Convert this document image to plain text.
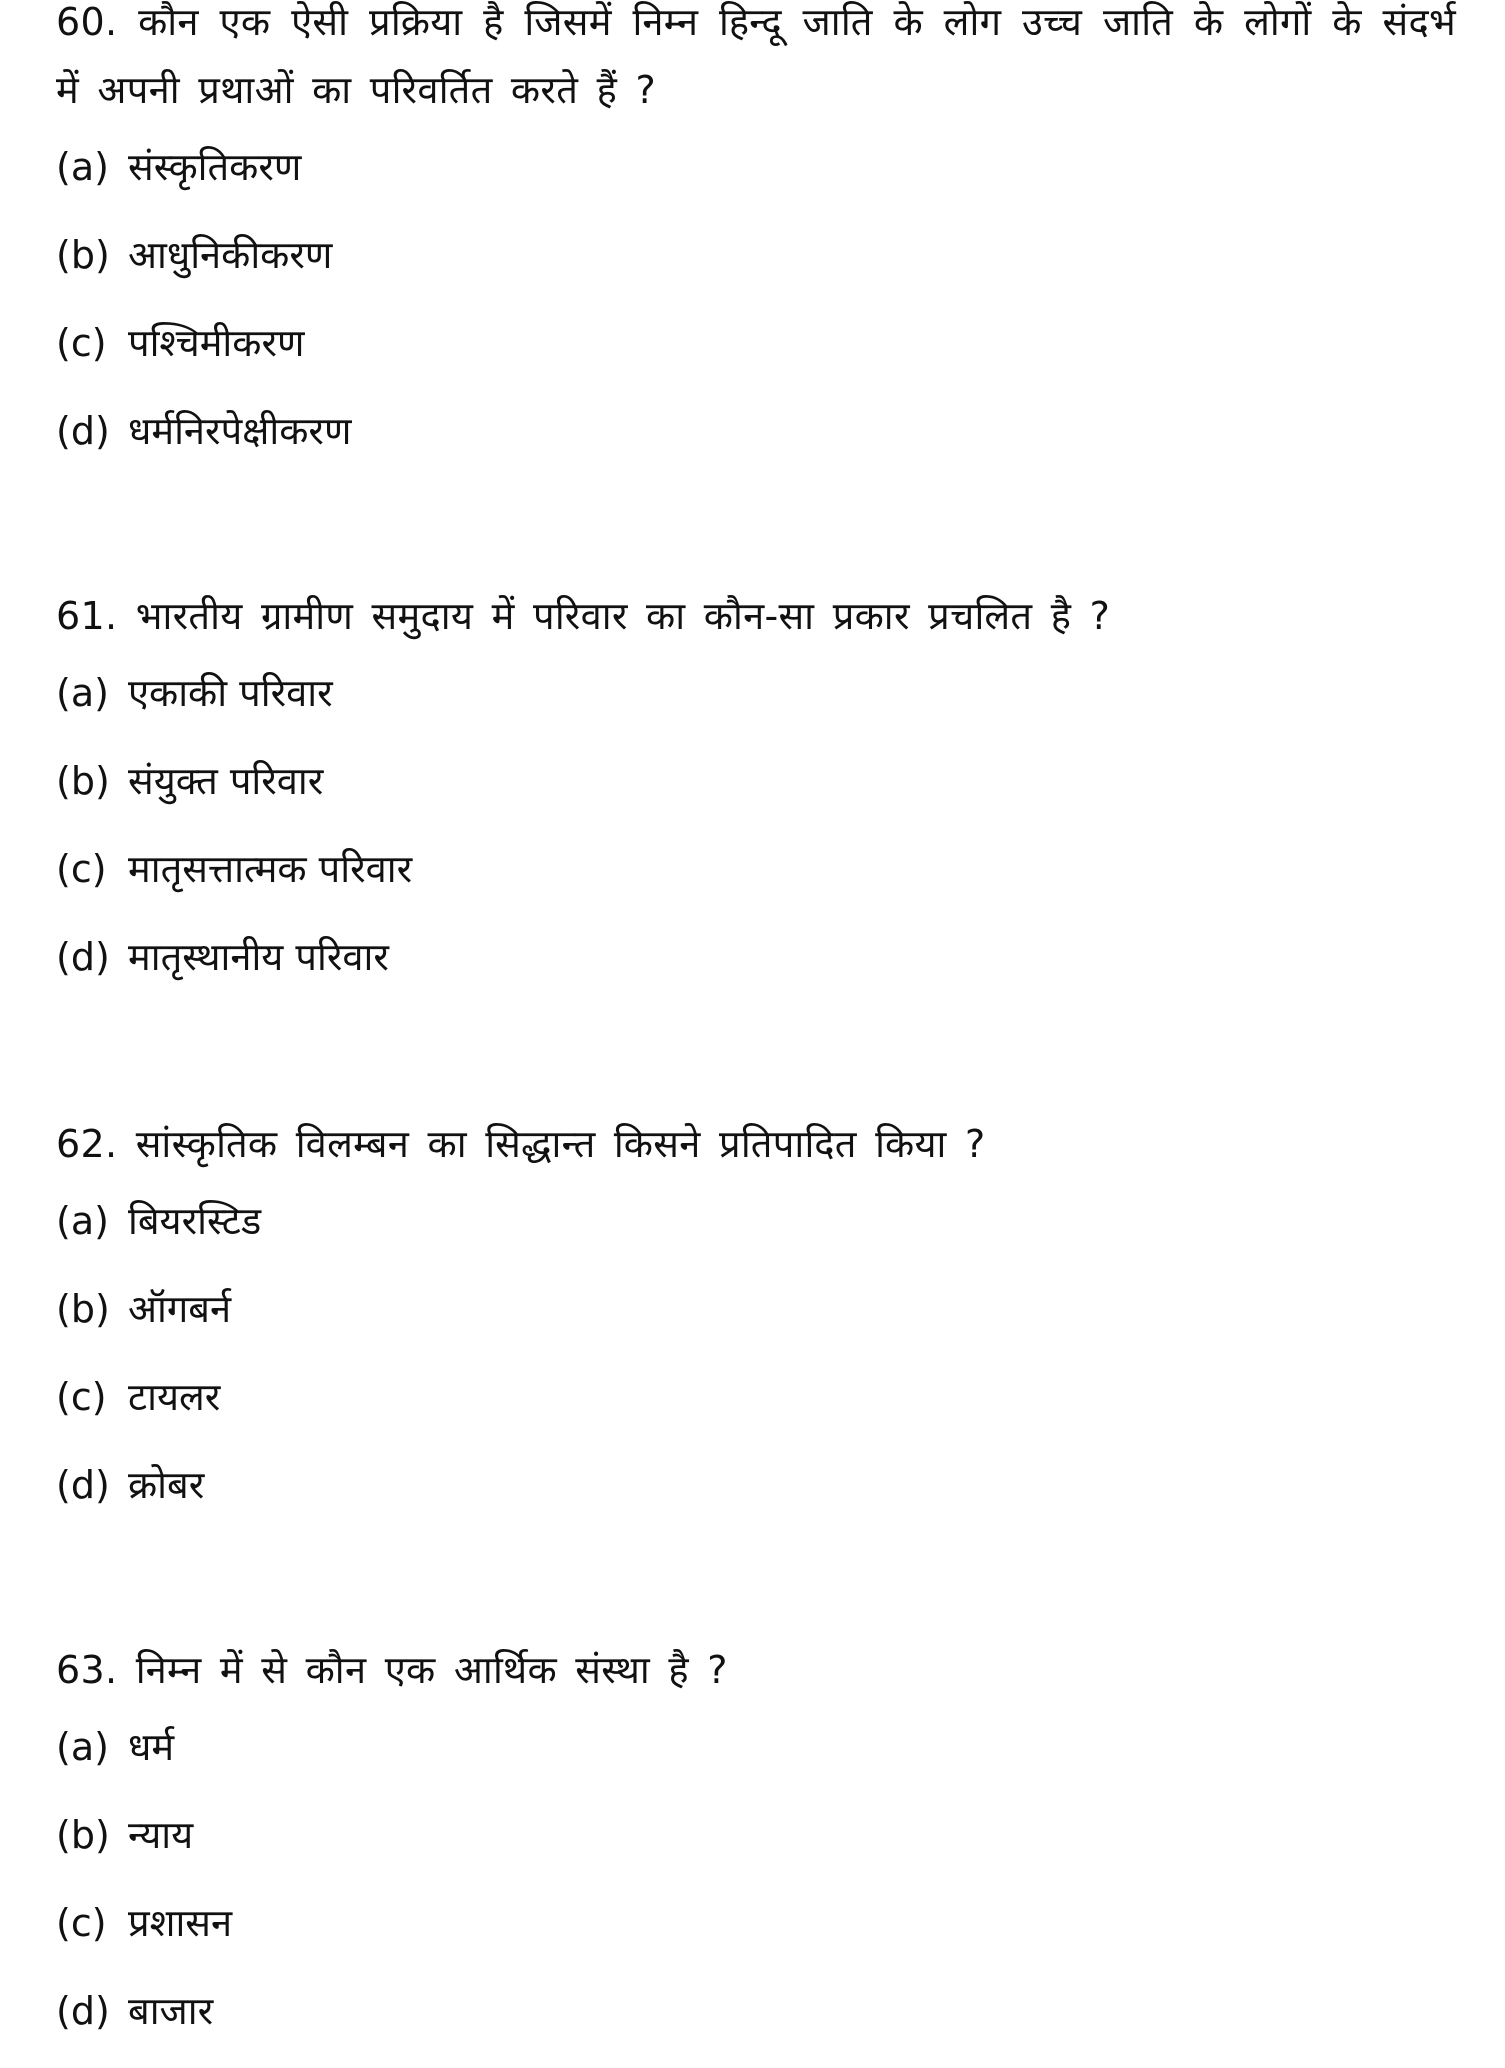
60. कौन एक ऐसी प्रक्रिया है जिसमें निम्न हिन्दू जाति के लोग उच्च जाति के लोगों के संदर्भ में अपनी प्रथाओं का परिवर्तित करते हैं ?

(a) संस्कृतिकरण
(b) आधुनिकीकरण
(c) पश्चिमीकरण
(d) धर्मनिरपेक्षीकरण

61. भारतीय ग्रामीण समुदाय में परिवार का कौन-सा प्रकार प्रचलित है ?

(a) एकाकी परिवार
(b) संयुक्त परिवार
(c) मातृसत्तात्मक परिवार
(d) मातृस्थानीय परिवार

62. सांस्कृतिक विलम्बन का सिद्धान्त किसने प्रतिपादित किया ?

(a) बियरस्टिड
(b) ऑगबर्न
(c) टायलर
(d) क्रोबर

63. निम्न में से कौन एक आर्थिक संस्था है ?

(a) धर्म
(b) न्याय
(c) प्रशासन
(d) बाजार
